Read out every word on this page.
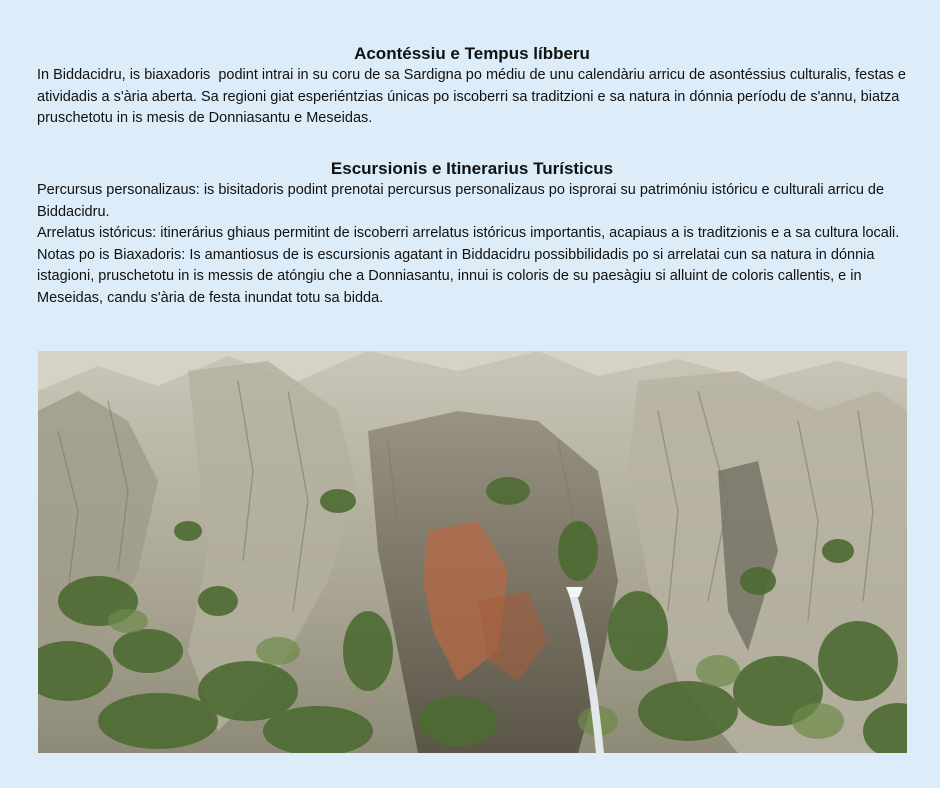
Acontéssiu e Tempus líbberu

In Biddacidru, is biaxadoris  podint intrai in su coru de sa Sardigna po médiu de unu calendàriu arricu de asontéssius culturalis, festas e atividadis a s'ària aberta. Sa regioni giat esperiéntzias únicas po iscoberri sa traditzioni e sa natura in dónnia períodu de s'annu, biatza  pruschetotu in is mesis de Donniasantu e Meseidas.

Escursionis e Itinerarius Turísticus

Percursus personalizaus: is bisitadoris podint prenotai percursus personalizaus po isprorai su patrimóniu istóricu e culturali arricu de Biddacidru.

Arrelatus istóricus: itinerárius ghiaus permitint de iscoberri arrelatus istóricus importantis, acapiaus a is traditzionis e a sa cultura locali.

Notas po is Biaxadoris: Is amantiosus de is escursionis agatant in Biddacidru possibbilidadis po si arrelatai cun sa natura in dónnia istagioni, pruschetotu in is messis de atóngiu che a Donniasantu, innui is coloris de su paesàgiu si alluint de coloris callentis, e in Meseidas, candu s'ària de festa inundat totu sa bidda.
